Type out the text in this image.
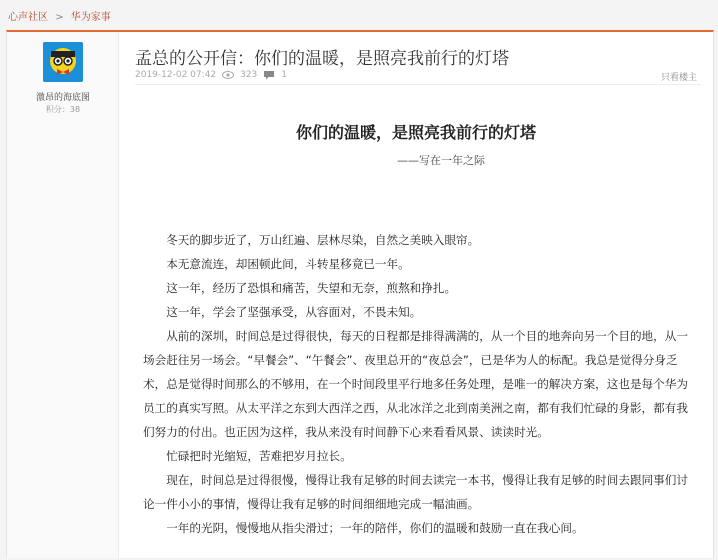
心声社区 > 华为家事
激昂的海底图
积分：38
孟总的公开信：你们的温暖，是照亮我前行的灯塔
2019-12-02 07:42	323	1	只看楼主
你们的温暖，是照亮我前行的灯塔
——写在一年之际

冬天的脚步近了，万山红遍、层林尽染，自然之美映入眼帘。

本无意流连，却困顿此间，斗转星移竟已一年。

这一年，经历了恐惧和痛苦，失望和无奈，煎熬和挣扎。

这一年，学会了坚强承受，从容面对，不畏未知。

从前的深圳，时间总是过得很快，每天的日程都是排得满满的，从一个目的地奔向另一个目的地，从一场会赶往另一场会。“早餐会”、“午餐会”、夜里总开的“夜总会”，已是华为人的标配。我总是觉得分身乏术，总是觉得时间那么的不够用，在一个时间段里平行地多任务处理，是唯一的解决方案，这也是每个华为员工的真实写照。从太平洋之东到大西洋之西，从北冰洋之北到南美洲之南，都有我们忙碌的身影，都有我们努力的付出。也正因为这样，我从来没有时间静下心来看看风景、读读时光。

忙碌把时光缩短，苦难把岁月拉长。

现在，时间总是过得很慢，慢得让我有足够的时间去读完一本书，慢得让我有足够的时间去跟同事们讨论一件小小的事情，慢得让我有足够的时间细细地完成一幅油画。

一年的光阴，慢慢地从指尖滑过；一年的陪伴，你们的温暖和鼓励一直在我心间。
